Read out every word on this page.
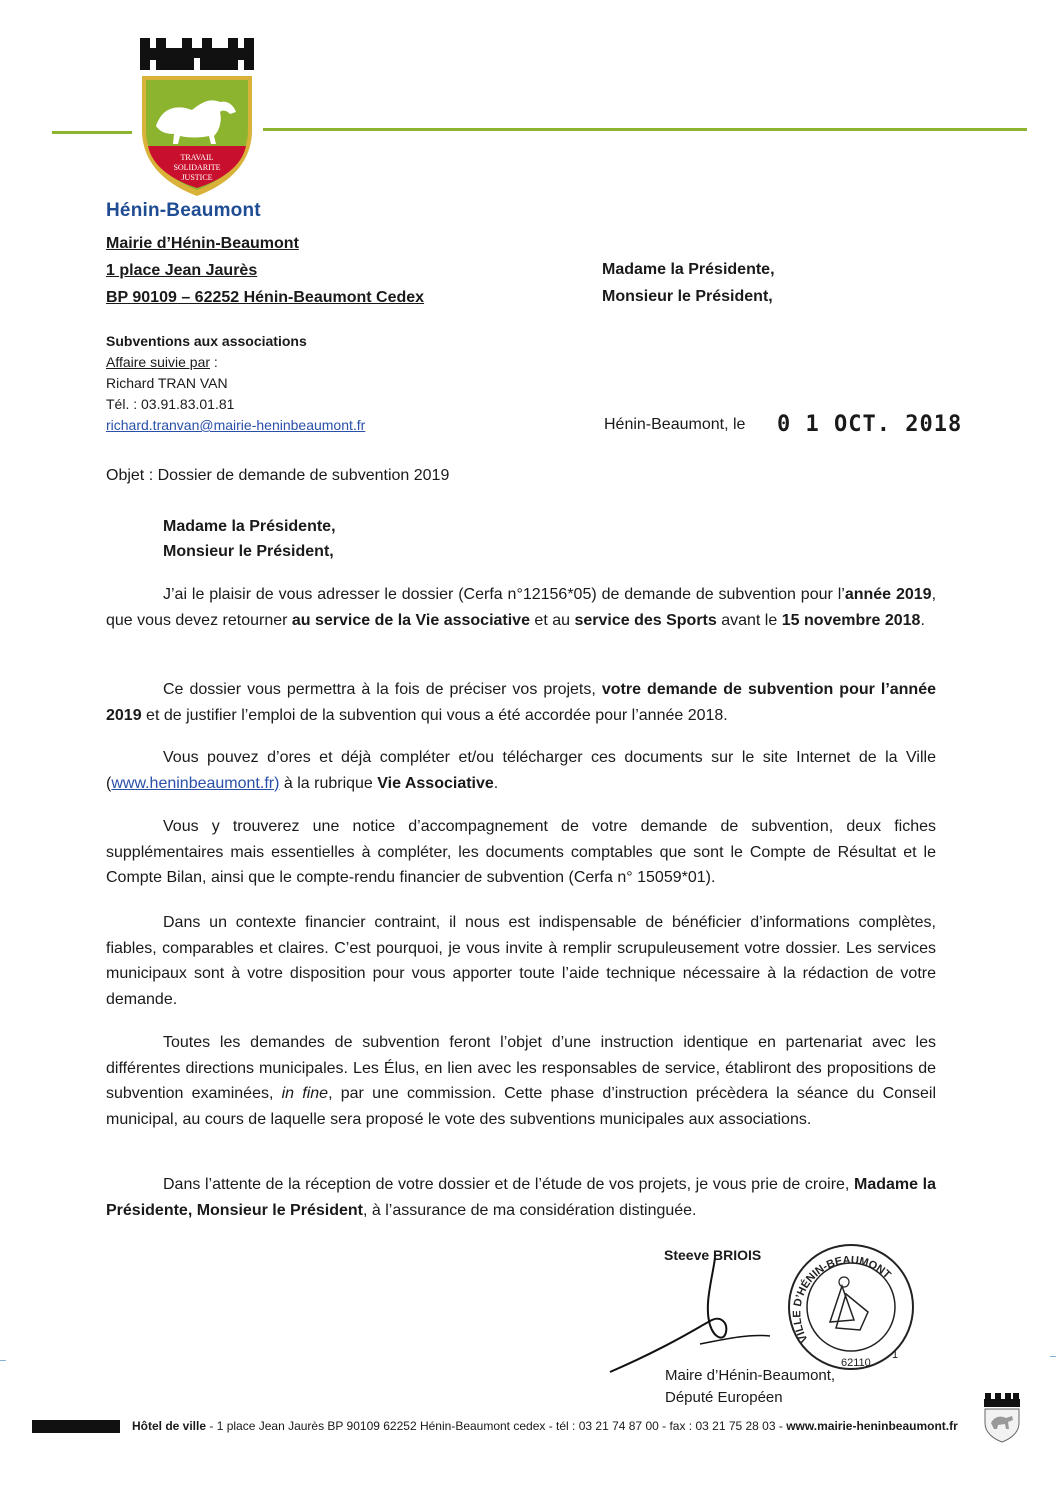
TRAVAIL
SOLIDARITE
JUSTICE
Hénin-Beaumont
Mairie d’Hénin-Beaumont
1 place Jean Jaurès
BP 90109 – 62252 Hénin-Beaumont Cedex
Madame la Présidente,
Monsieur le Président,
Subventions aux associations
Affaire suivie par :
Richard TRAN VAN
Tél. : 03.91.83.01.81
richard.tranvan@mairie-heninbeaumont.fr	Hénin-Beaumont, le 0 1 OCT. 2018
Objet : Dossier de demande de subvention 2019
Madame la Présidente,
Monsieur le Président,

J’ai le plaisir de vous adresser le dossier (Cerfa n°12156*05) de demande de subvention pour l’année 2019, que vous devez retourner au service de la Vie associative et au service des Sports avant le 15 novembre 2018.

Ce dossier vous permettra à la fois de préciser vos projets, votre demande de subvention pour l’année 2019 et de justifier l’emploi de la subvention qui vous a été accordée pour l’année 2018.

Vous pouvez d’ores et déjà compléter et/ou télécharger ces documents sur le site Internet de la Ville (www.heninbeaumont.fr) à la rubrique Vie Associative.

Vous y trouverez une notice d’accompagnement de votre demande de subvention, deux fiches supplémentaires mais essentielles à compléter, les documents comptables que sont le Compte de Résultat et le Compte Bilan, ainsi que le compte-rendu financier de subvention (Cerfa n° 15059*01).

Dans un contexte financier contraint, il nous est indispensable de bénéficier d’informations complètes, fiables, comparables et claires. C’est pourquoi, je vous invite à remplir scrupuleusement votre dossier. Les services municipaux sont à votre disposition pour vous apporter toute l’aide technique nécessaire à la rédaction de votre demande.

Toutes les demandes de subvention feront l’objet d’une instruction identique en partenariat avec les différentes directions municipales. Les Élus, en lien avec les responsables de service, établiront des propositions de subvention examinées, in fine, par une commission. Cette phase d’instruction précèdera la séance du Conseil municipal, au cours de laquelle sera proposé le vote des subventions municipales aux associations.

Dans l’attente de la réception de votre dossier et de l’étude de vos projets, je vous prie de croire, Madame la Présidente, Monsieur le Président, à l’assurance de ma considération distinguée.

Steeve BRIOIS
VILLE D’HÉNIN-BEAUMONT
62110
1
Maire d’Hénin-Beaumont,
Député Européen
Hôtel de ville - 1 place Jean Jaurès BP 90109 62252 Hénin-Beaumont cedex - tél : 03 21 74 87 00 - fax : 03 21 75 28 03 - www.mairie-heninbeaumont.fr
